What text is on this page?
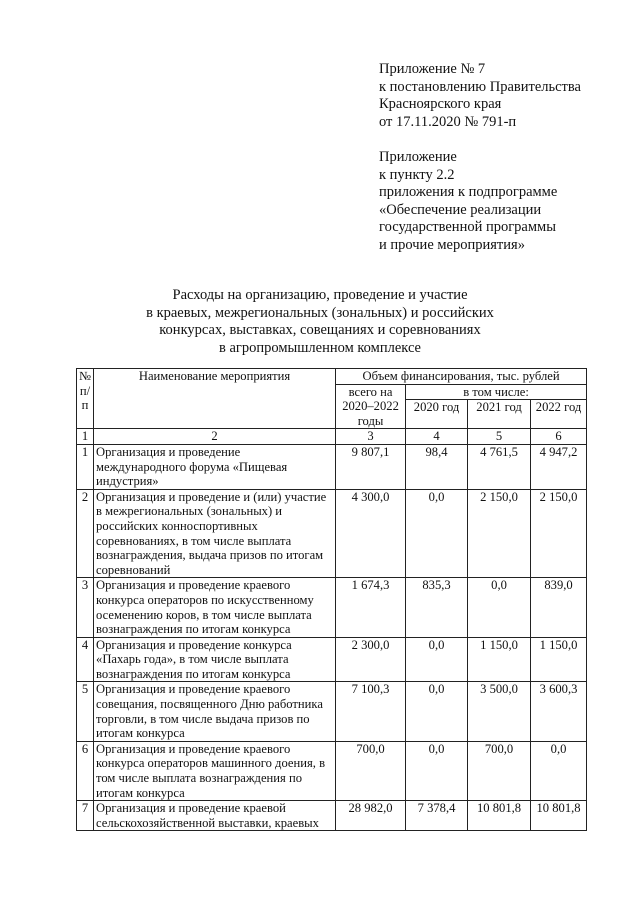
Приложение № 7
к постановлению Правительства
Красноярского края
от 17.11.2020 № 791-п
Приложение
к пункту 2.2
приложения к подпрограмме
«Обеспечение реализации
государственной программы
и прочие мероприятия»
Расходы на организацию, проведение и участие
в краевых, межрегиональных (зональных) и российских
конкурсах, выставках, совещаниях и соревнованиях
в агропромышленном комплексе
№ п/п	Наименование мероприятия	Объем финансирования, тыс. рублей			
		всего на 2020–2022 годы	в том числе:		
			2020 год	2021 год	2022 год
1	2	3	4	5	6
1	Организация и проведение международного форума «Пищевая индустрия»	9 807,1	98,4	4 761,5	4 947,2
2	Организация и проведение и (или) участие в межрегиональных (зональных) и российских конноспортивных соревнованиях, в том числе выплата вознаграждения, выдача призов по итогам соревнований	4 300,0	0,0	2 150,0	2 150,0
3	Организация и проведение краевого конкурса операторов по искусственному осеменению коров, в том числе выплата вознаграждения по итогам конкурса	1 674,3	835,3	0,0	839,0
4	Организация и проведение конкурса «Пахарь года», в том числе выплата вознаграждения по итогам конкурса	2 300,0	0,0	1 150,0	1 150,0
5	Организация и проведение краевого совещания, посвященного Дню работника торговли, в том числе выдача призов по итогам конкурса	7 100,3	0,0	3 500,0	3 600,3
6	Организация и проведение краевого конкурса операторов машинного доения, в том числе выплата вознаграждения по итогам конкурса	700,0	0,0	700,0	0,0
7	Организация и проведение краевой сельскохозяйственной выставки, краевых	28 982,0	7 378,4	10 801,8	10 801,8
